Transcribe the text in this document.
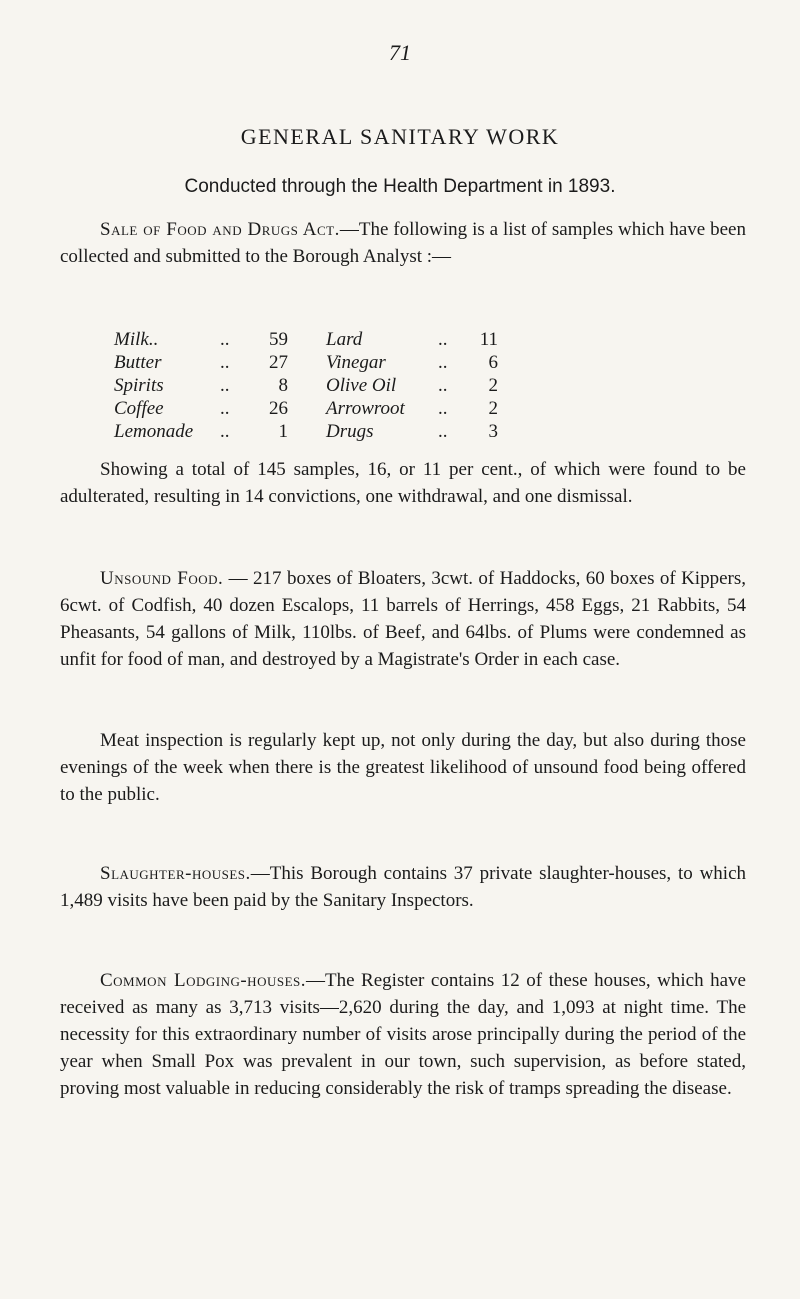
71
GENERAL SANITARY WORK
Conducted through the Health Department in 1893.

Sale of Food and Drugs Act.—The following is a list of samples which have been collected and submitted to the Borough Analyst :—

Milk..	..	59		Lard	..	11
Butter	..	27		Vinegar	..	6
Spirits	..	8		Olive Oil	..	2
Coffee	..	26		Arrowroot	..	2
Lemonade	..	1		Drugs	..	3

Showing a total of 145 samples, 16, or 11 per cent., of which were found to be adulterated, resulting in 14 convictions, one withdrawal, and one dismissal.

Unsound Food. — 217 boxes of Bloaters, 3cwt. of Haddocks, 60 boxes of Kippers, 6cwt. of Codfish, 40 dozen Escalops, 11 barrels of Herrings, 458 Eggs, 21 Rabbits, 54 Pheasants, 54 gallons of Milk, 110lbs. of Beef, and 64lbs. of Plums were condemned as unfit for food of man, and destroyed by a Magistrate's Order in each case.

Meat inspection is regularly kept up, not only during the day, but also during those evenings of the week when there is the greatest likelihood of unsound food being offered to the public.

Slaughter-houses.—This Borough contains 37 private slaughter-houses, to which 1,489 visits have been paid by the Sanitary Inspectors.

Common Lodging-houses.—The Register contains 12 of these houses, which have received as many as 3,713 visits—2,620 during the day, and 1,093 at night time. The necessity for this extraordinary number of visits arose principally during the period of the year when Small Pox was prevalent in our town, such supervision, as before stated, proving most valuable in reducing considerably the risk of tramps spreading the disease.
